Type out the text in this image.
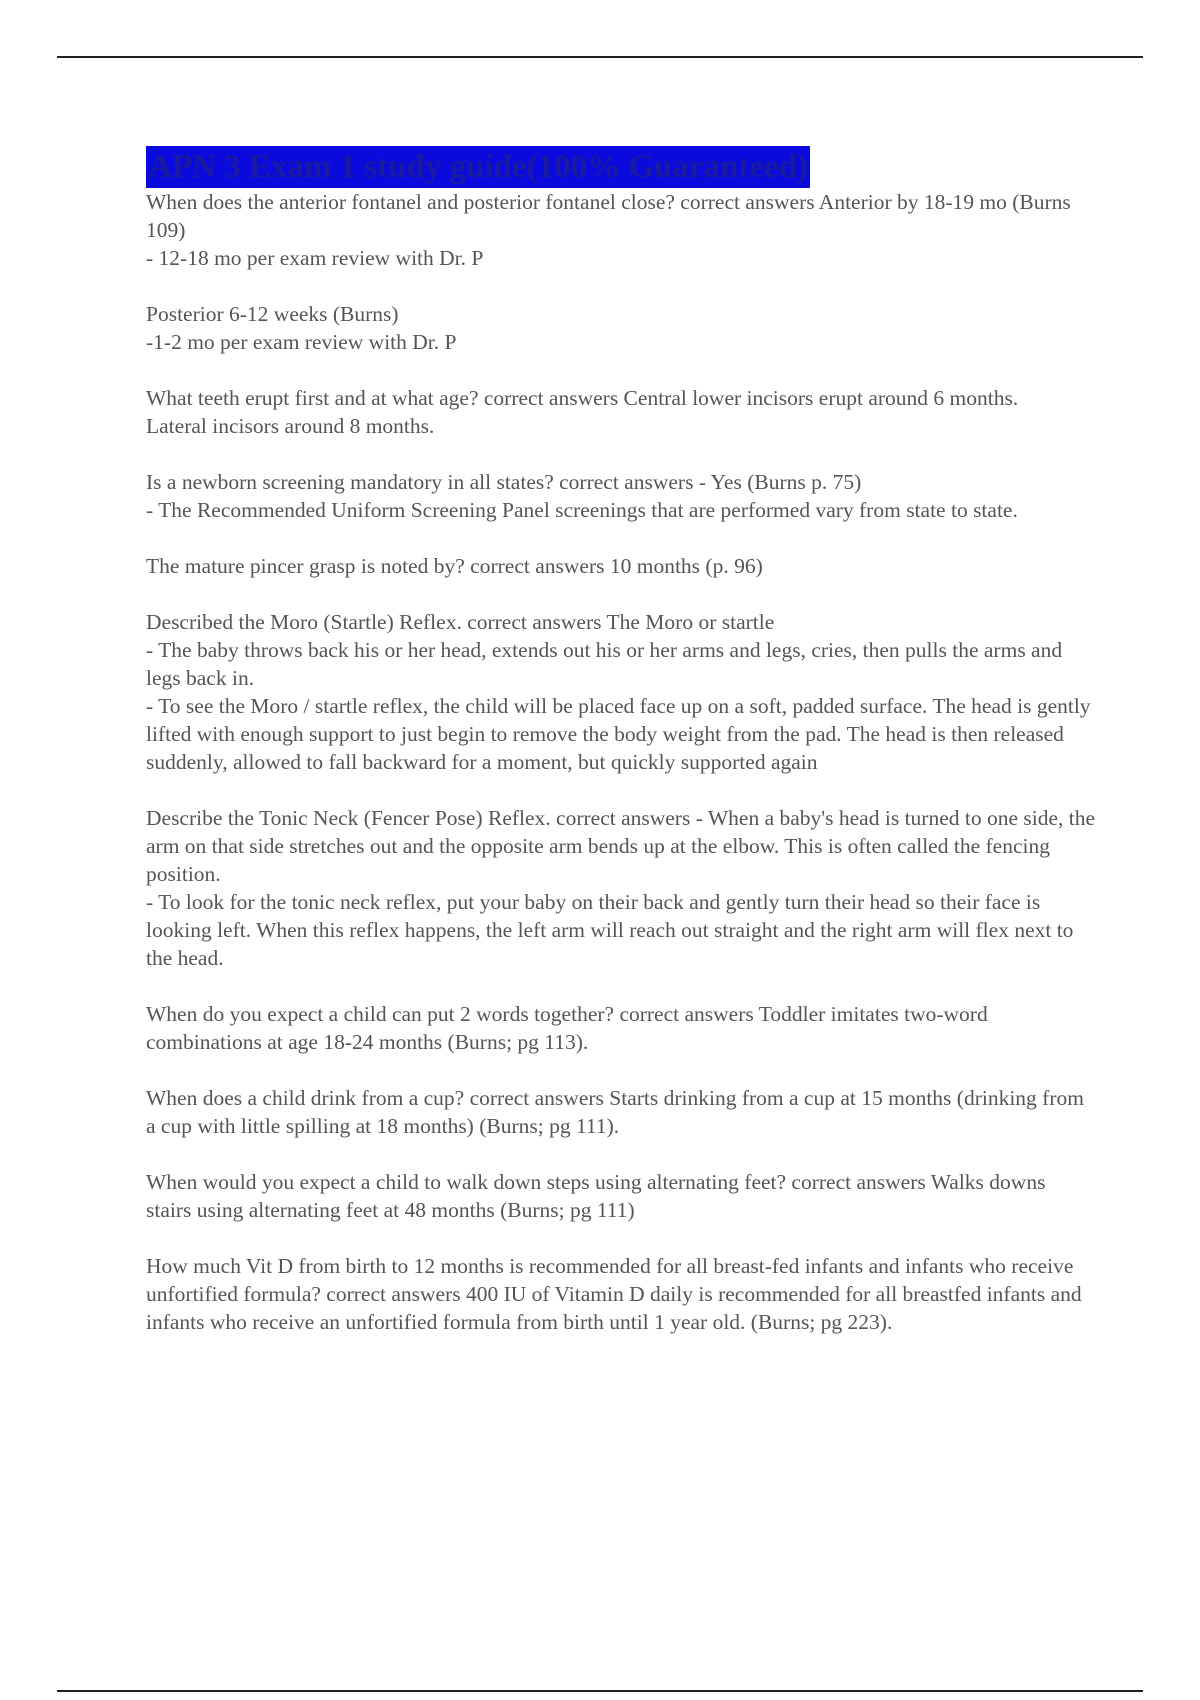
APN 3 Exam 1 study guide(100% Guaranteed)

When does the anterior fontanel and posterior fontanel close? correct answers Anterior by 18-19 mo (Burns 109)

- 12-18 mo per exam review with Dr. P

Posterior 6-12 weeks (Burns)

-1-2 mo per exam review with Dr. P

What teeth erupt first and at what age? correct answers Central lower incisors erupt around 6 months.

Lateral incisors around 8 months.

Is a newborn screening mandatory in all states? correct answers - Yes (Burns p. 75)

- The Recommended Uniform Screening Panel screenings that are performed vary from state to state.

The mature pincer grasp is noted by? correct answers 10 months (p. 96)

Described the Moro (Startle) Reflex. correct answers The Moro or startle

- The baby throws back his or her head, extends out his or her arms and legs, cries, then pulls the arms and legs back in.

- To see the Moro / startle reflex, the child will be placed face up on a soft, padded surface. The head is gently lifted with enough support to just begin to remove the body weight from the pad. The head is then released suddenly, allowed to fall backward for a moment, but quickly supported again

Describe the Tonic Neck (Fencer Pose) Reflex. correct answers - When a baby's head is turned to one side, the arm on that side stretches out and the opposite arm bends up at the elbow. This is often called the fencing position.

- To look for the tonic neck reflex, put your baby on their back and gently turn their head so their face is looking left. When this reflex happens, the left arm will reach out straight and the right arm will flex next to the head.

When do you expect a child can put 2 words together? correct answers Toddler imitates two-word combinations at age 18-24 months (Burns; pg 113).

When does a child drink from a cup? correct answers Starts drinking from a cup at 15 months (drinking from a cup with little spilling at 18 months) (Burns; pg 111).

When would you expect a child to walk down steps using alternating feet? correct answers Walks downs stairs using alternating feet at 48 months (Burns; pg 111)

How much Vit D from birth to 12 months is recommended for all breast-fed infants and infants who receive unfortified formula? correct answers 400 IU of Vitamin D daily is recommended for all breastfed infants and infants who receive an unfortified formula from birth until 1 year old. (Burns; pg 223).
